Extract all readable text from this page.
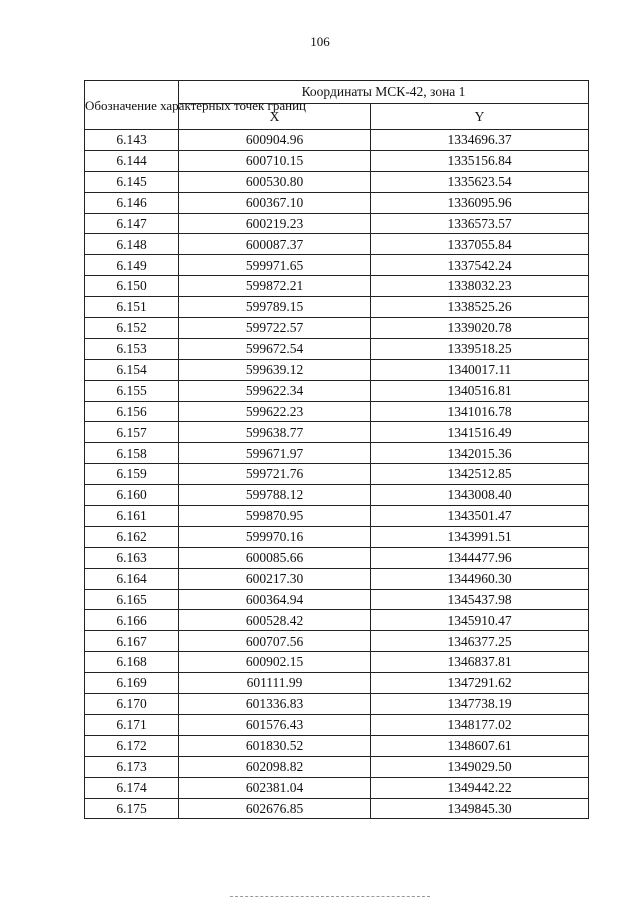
106
Обозначение характерных точек границ	Координаты МСК-42, зона 1	
	X	Y
6.143	600904.96	1334696.37
6.144	600710.15	1335156.84
6.145	600530.80	1335623.54
6.146	600367.10	1336095.96
6.147	600219.23	1336573.57
6.148	600087.37	1337055.84
6.149	599971.65	1337542.24
6.150	599872.21	1338032.23
6.151	599789.15	1338525.26
6.152	599722.57	1339020.78
6.153	599672.54	1339518.25
6.154	599639.12	1340017.11
6.155	599622.34	1340516.81
6.156	599622.23	1341016.78
6.157	599638.77	1341516.49
6.158	599671.97	1342015.36
6.159	599721.76	1342512.85
6.160	599788.12	1343008.40
6.161	599870.95	1343501.47
6.162	599970.16	1343991.51
6.163	600085.66	1344477.96
6.164	600217.30	1344960.30
6.165	600364.94	1345437.98
6.166	600528.42	1345910.47
6.167	600707.56	1346377.25
6.168	600902.15	1346837.81
6.169	601111.99	1347291.62
6.170	601336.83	1347738.19
6.171	601576.43	1348177.02
6.172	601830.52	1348607.61
6.173	602098.82	1349029.50
6.174	602381.04	1349442.22
6.175	602676.85	1349845.30
